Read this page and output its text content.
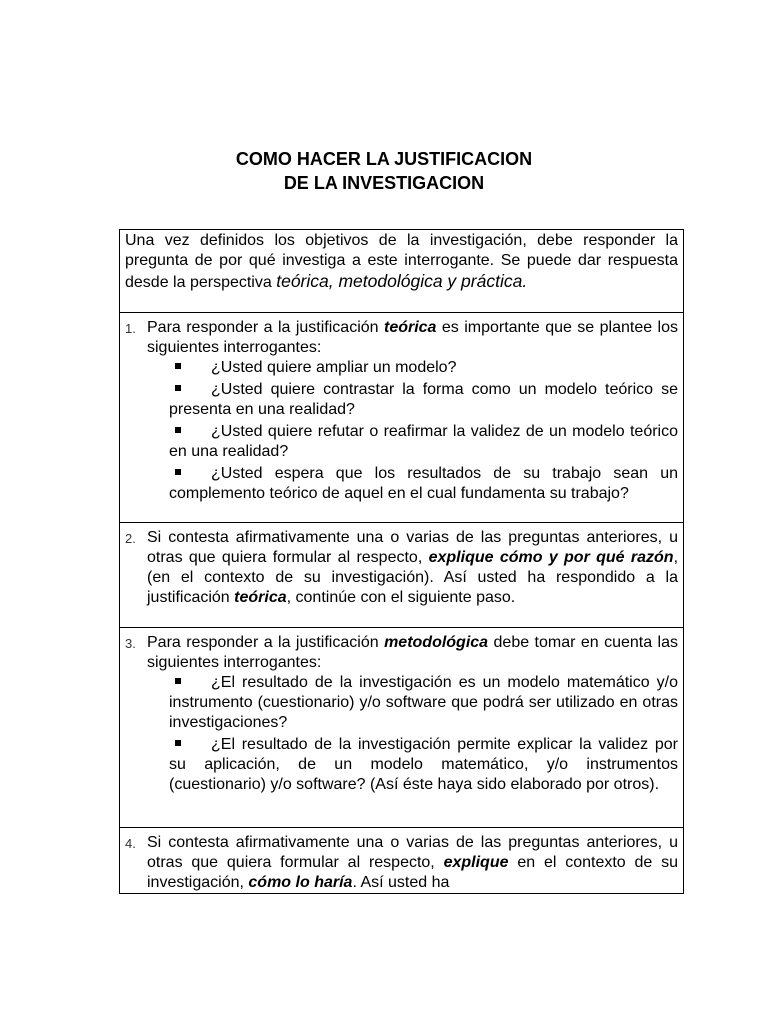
COMO HACER LA JUSTIFICACION
DE LA INVESTIGACION
Una vez definidos los objetivos de la investigación, debe responder la pregunta de por qué investiga a este interrogante. Se puede dar respuesta desde la perspectiva teórica, metodológica y práctica.
1. Para responder a la justificación teórica es importante que se plantee los siguientes interrogantes:
¿Usted quiere ampliar un modelo?
¿Usted quiere contrastar la forma como un modelo teórico se presenta en una realidad?
¿Usted quiere refutar o reafirmar la validez de un modelo teórico en una realidad?
¿Usted espera que los resultados de su trabajo sean un complemento teórico de aquel en el cual fundamenta su trabajo?
2. Si contesta afirmativamente una o varias de las preguntas anteriores, u otras que quiera formular al respecto, explique cómo y por qué razón, (en el contexto de su investigación). Así usted ha respondido a la justificación teórica, continúe con el siguiente paso.
3. Para responder a la justificación metodológica debe tomar en cuenta las siguientes interrogantes:
¿El resultado de la investigación es un modelo matemático y/o instrumento (cuestionario) y/o software que podrá ser utilizado en otras investigaciones?
¿El resultado de la investigación permite explicar la validez por su aplicación, de un modelo matemático, y/o instrumentos (cuestionario) y/o software? (Así éste haya sido elaborado por otros).
4. Si contesta afirmativamente una o varias de las preguntas anteriores, u otras que quiera formular al respecto, explique en el contexto de su investigación, cómo lo haría. Así usted ha
